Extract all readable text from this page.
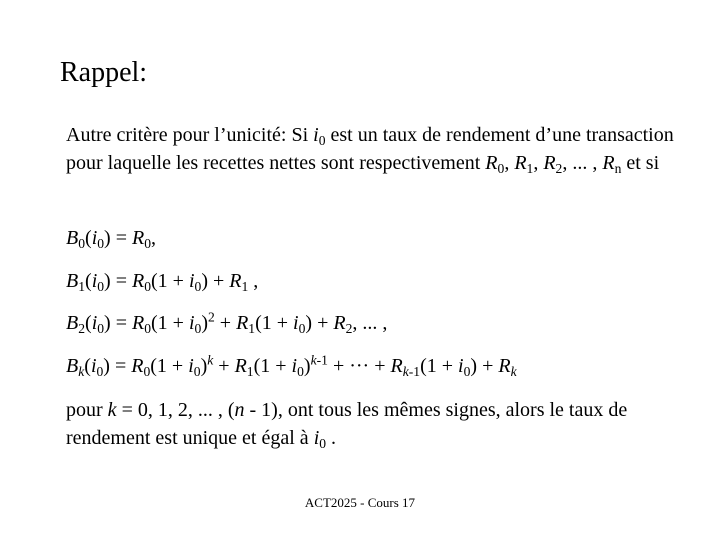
Rappel:

Autre critère pour l’unicité: Si $i_0$ est un taux de rendement d’une transaction pour laquelle les recettes nettes sont respectivement $R_0$, $R_1$, $R_2$, ... , $R_n$ et si

$B_0(i_0) = R_0$,

$B_1(i_0) = R_0(1 + i_0) + R_1$ ,

$B_2(i_0) = R_0(1 + i_0)^2 + R_1(1 + i_0) + R_2$, ... ,

$B_k(i_0) = R_0(1 + i_0)^k + R_1(1 + i_0)^{k-1}$ + ··· + $R_{k-1}(1 + i_0) + R_k$

pour k = 0, 1, 2, ... , (n - 1), ont tous les mêmes signes, alors le taux de rendement est unique et égal à $i_0$ .

ACT2025 - Cours 17
